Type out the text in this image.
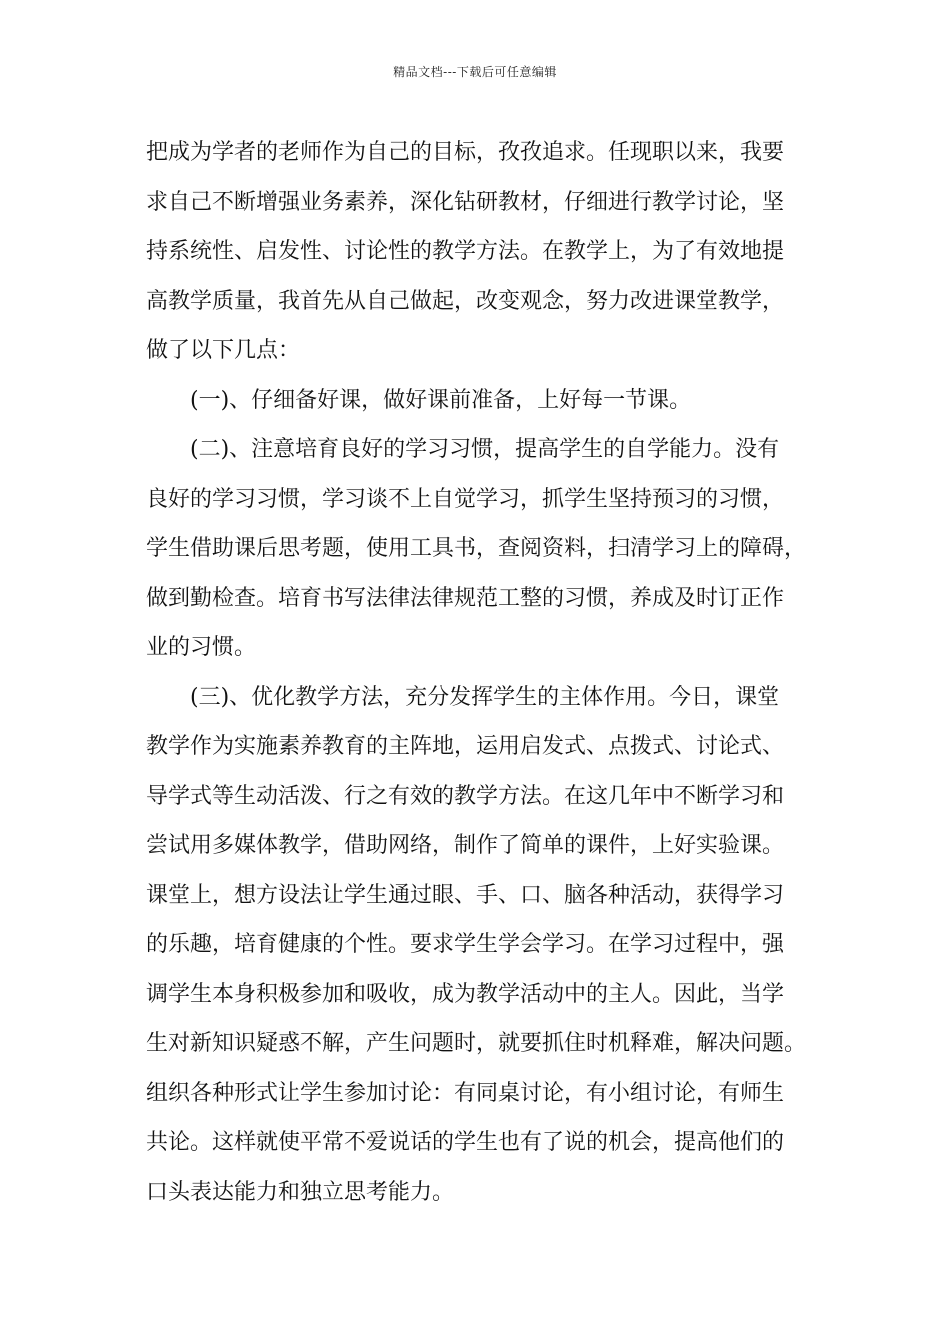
精品文档---下载后可任意编辑
把成为学者的老师作为自己的目标，孜孜追求。任现职以来，我要
求自己不断增强业务素养，深化钻研教材，仔细进行教学讨论，坚
持系统性、启发性、讨论性的教学方法。在教学上，为了有效地提
高教学质量，我首先从自己做起，改变观念，努力改进课堂教学，
做了以下几点：
(一)、仔细备好课，做好课前准备，上好每一节课。
(二)、注意培育良好的学习习惯，提高学生的自学能力。没有
良好的学习习惯，学习谈不上自觉学习，抓学生坚持预习的习惯，
学生借助课后思考题，使用工具书，查阅资料，扫清学习上的障碍，
做到勤检查。培育书写法律法律规范工整的习惯，养成及时订正作
业的习惯。
(三)、优化教学方法，充分发挥学生的主体作用。今日，课堂
教学作为实施素养教育的主阵地，运用启发式、点拨式、讨论式、
导学式等生动活泼、行之有效的教学方法。在这几年中不断学习和
尝试用多媒体教学，借助网络，制作了简单的课件，上好实验课。
课堂上，想方设法让学生通过眼、手、口、脑各种活动，获得学习
的乐趣，培育健康的个性。要求学生学会学习。在学习过程中，强
调学生本身积极参加和吸收，成为教学活动中的主人。因此，当学
生对新知识疑惑不解，产生问题时，就要抓住时机释难，解决问题。
组织各种形式让学生参加讨论：有同桌讨论，有小组讨论，有师生
共论。这样就使平常不爱说话的学生也有了说的机会，提高他们的
口头表达能力和独立思考能力。
